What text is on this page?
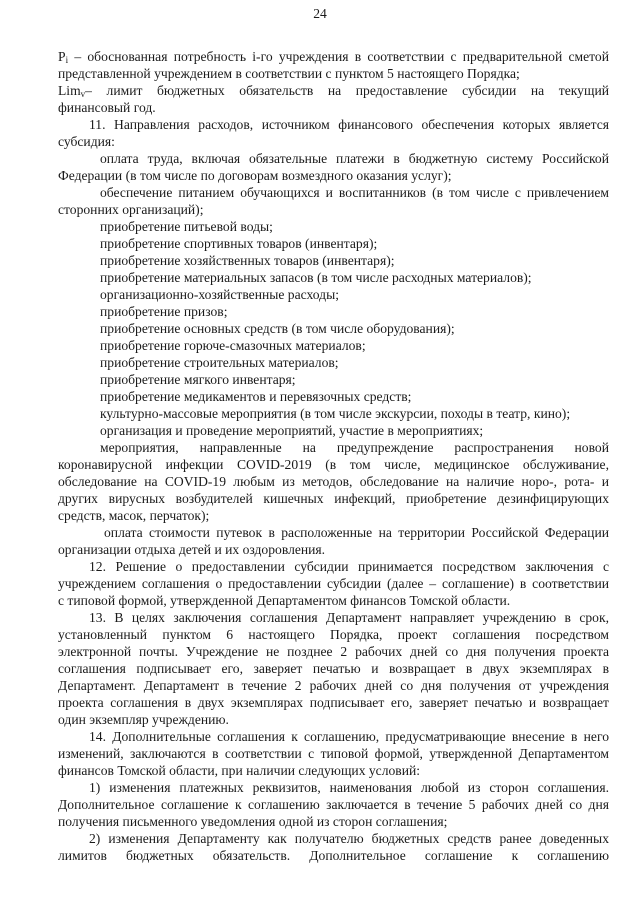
24
$P_i$ – обоснованная потребность i-го учреждения в соответствии с предварительной сметой
представленной учреждением в соответствии с пунктом 5 настоящего Порядка;
Lim$_v$– лимит бюджетных обязательств на предоставление субсидии на текущий
финансовый год.
11. Направления расходов, источником финансового обеспечения которых является
субсидия:
оплата труда, включая обязательные платежи в бюджетную систему Российской
Федерации (в том числе по договорам возмездного оказания услуг);
обеспечение питанием обучающихся и воспитанников (в том числе с привлечением
сторонних организаций);
приобретение питьевой воды;
приобретение спортивных товаров (инвентаря);
приобретение хозяйственных товаров (инвентаря);
приобретение материальных запасов (в том числе расходных материалов);
организационно-хозяйственные расходы;
приобретение призов;
приобретение основных средств (в том числе оборудования);
приобретение горюче-смазочных материалов;
приобретение строительных материалов;
приобретение мягкого инвентаря;
приобретение медикаментов и перевязочных средств;
культурно-массовые мероприятия (в том числе экскурсии, походы в театр, кино);
организация и проведение мероприятий, участие в мероприятиях;
мероприятия, направленные на предупреждение распространения новой
коронавирусной инфекции COVID-2019 (в том числе, медицинское обслуживание,
обследование на COVID-19 любым из методов, обследование на наличие норо-, рота- и
других вирусных возбудителей кишечных инфекций, приобретение дезинфицирующих
средств, масок, перчаток);
оплата стоимости путевок в расположенные на территории Российской Федерации
организации отдыха детей и их оздоровления.
12. Решение о предоставлении субсидии принимается посредством заключения с
учреждением соглашения о предоставлении субсидии (далее – соглашение) в соответствии
с типовой формой, утвержденной Департаментом финансов Томской области.
13. В целях заключения соглашения Департамент направляет учреждению в срок,
установленный пунктом 6 настоящего Порядка, проект соглашения посредством
электронной почты. Учреждение не позднее 2 рабочих дней со дня получения проекта
соглашения подписывает его, заверяет печатью и возвращает в двух экземплярах в
Департамент. Департамент в течение 2 рабочих дней со дня получения от учреждения
проекта соглашения в двух экземплярах подписывает его, заверяет печатью и возвращает
один экземпляр учреждению.
14. Дополнительные соглашения к соглашению, предусматривающие внесение в него
изменений, заключаются в соответствии с типовой формой, утвержденной Департаментом
финансов Томской области, при наличии следующих условий:
1) изменения платежных реквизитов, наименования любой из сторон соглашения.
Дополнительное соглашение к соглашению заключается в течение 5 рабочих дней со дня
получения письменного уведомления одной из сторон соглашения;
2) изменения Департаменту как получателю бюджетных средств ранее доведенных
лимитов бюджетных обязательств. Дополнительное соглашение к соглашению
